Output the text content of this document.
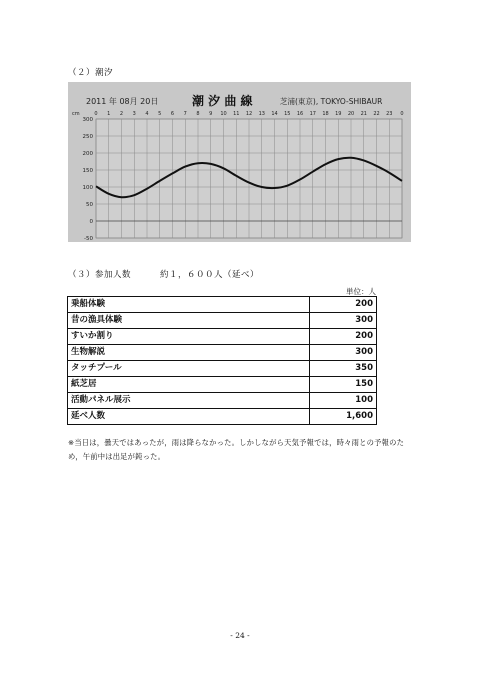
（２）潮汐
2011 年 08月 20日	潮 汐 曲 線	芝浦(東京), TOKYO-SHIBAUR
cm	0 1 2 3 4 5 6 7 8 9 10 11 12 13 14 15 16 17 18 19 20 21 22 23 0
300
250
200
150
100
50
0
-50
（３）参加人数	約１，６００人（延べ）
単位：人
乗船体験	200
昔の漁具体験	300
すいか割り	200
生物解説	300
タッチプール	350
紙芝居	150
活動パネル展示	100
延べ人数	1,600
※当日は，曇天ではあったが，雨は降らなかった。しかしながら天気予報では，時々雨との予報のため，午前中は出足が鈍った。
- 24 -
